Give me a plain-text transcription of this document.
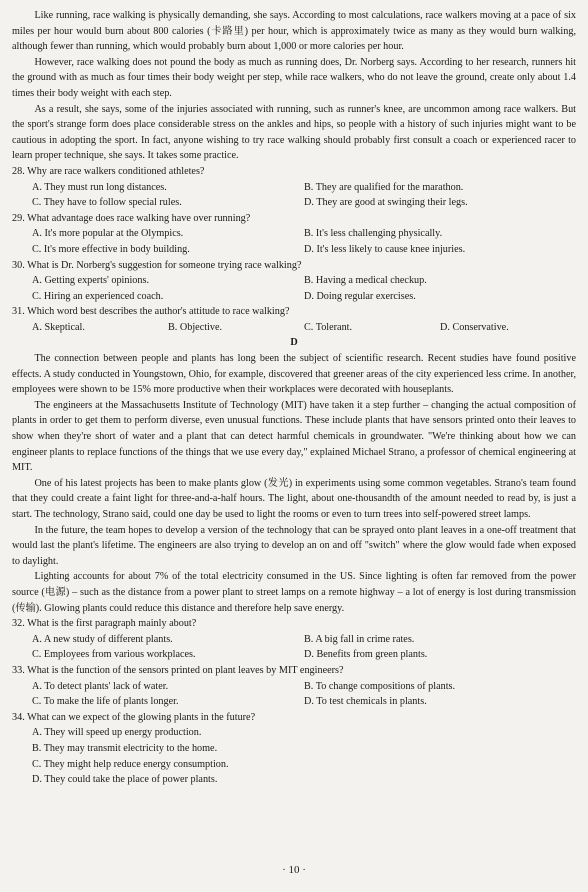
Like running, race walking is physically demanding, she says. According to most calculations, race walkers moving at a pace of six miles per hour would burn about 800 calories (卡路里) per hour, which is approximately twice as many as they would burn walking, although fewer than running, which would probably burn about 1,000 or more calories per hour.

However, race walking does not pound the body as much as running does, Dr. Norberg says. According to her research, runners hit the ground with as much as four times their body weight per step, while race walkers, who do not leave the ground, create only about 1.4 times their body weight with each step.

As a result, she says, some of the injuries associated with running, such as runner's knee, are uncommon among race walkers. But the sport's strange form does place considerable stress on the ankles and hips, so people with a history of such injuries might want to be cautious in adopting the sport. In fact, anyone wishing to try race walking should probably first consult a coach or experienced racer to learn proper technique, she says. It takes some practice.

28. Why are race walkers conditioned athletes?

A. They must run long distances.	B. They are qualified for the marathon.
C. They have to follow special rules.	D. They are good at swinging their legs.

29. What advantage does race walking have over running?

A. It's more popular at the Olympics.	B. It's less challenging physically.
C. It's more effective in body building.	D. It's less likely to cause knee injuries.

30. What is Dr. Norberg's suggestion for someone trying race walking?

A. Getting experts' opinions.	B. Having a medical checkup.
C. Hiring an experienced coach.	D. Doing regular exercises.

31. Which word best describes the author's attitude to race walking?

A. Skeptical.	B. Objective.	C. Tolerant.	D. Conservative.

D

The connection between people and plants has long been the subject of scientific research. Recent studies have found positive effects. A study conducted in Youngstown, Ohio, for example, discovered that greener areas of the city experienced less crime. In another, employees were shown to be 15% more productive when their workplaces were decorated with houseplants.

The engineers at the Massachusetts Institute of Technology (MIT) have taken it a step further – changing the actual composition of plants in order to get them to perform diverse, even unusual functions. These include plants that have sensors printed onto their leaves to show when they're short of water and a plant that can detect harmful chemicals in groundwater. "We're thinking about how we can engineer plants to replace functions of the things that we use every day," explained Michael Strano, a professor of chemical engineering at MIT.

One of his latest projects has been to make plants glow (发光) in experiments using some common vegetables. Strano's team found that they could create a faint light for three-and-a-half hours. The light, about one-thousandth of the amount needed to read by, is just a start. The technology, Strano said, could one day be used to light the rooms or even to turn trees into self-powered street lamps.

In the future, the team hopes to develop a version of the technology that can be sprayed onto plant leaves in a one-off treatment that would last the plant's lifetime. The engineers are also trying to develop an on and off "switch" where the glow would fade when exposed to daylight.

Lighting accounts for about 7% of the total electricity consumed in the US. Since lighting is often far removed from the power source (电源) – such as the distance from a power plant to street lamps on a remote highway – a lot of energy is lost during transmission (传输). Glowing plants could reduce this distance and therefore help save energy.

32. What is the first paragraph mainly about?

A. A new study of different plants.	B. A big fall in crime rates.
C. Employees from various workplaces.	D. Benefits from green plants.

33. What is the function of the sensors printed on plant leaves by MIT engineers?

A. To detect plants' lack of water.	B. To change compositions of plants.
C. To make the life of plants longer.	D. To test chemicals in plants.

34. What can we expect of the glowing plants in the future?

A. They will speed up energy production.
B. They may transmit electricity to the home.
C. They might help reduce energy consumption.
D. They could take the place of power plants.
· 10 ·
